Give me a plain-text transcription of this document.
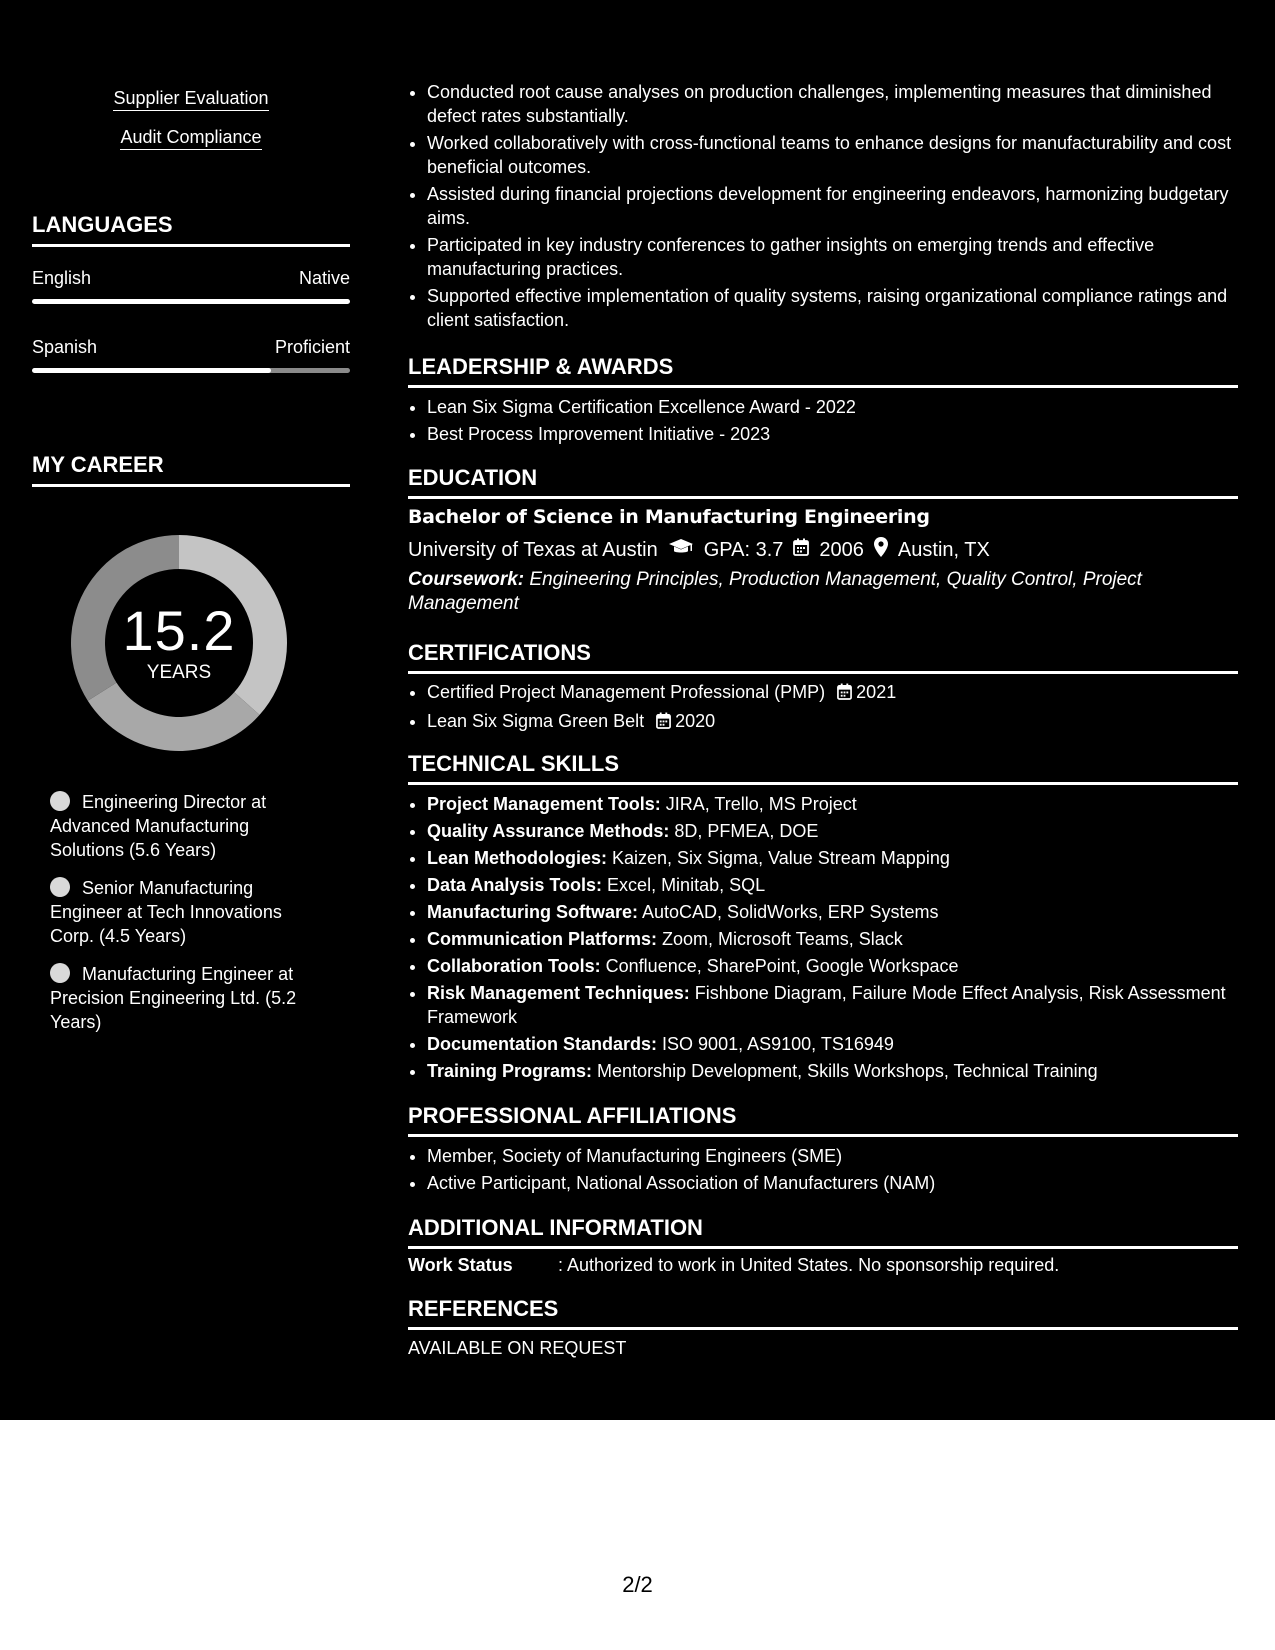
Supplier Evaluation
Audit Compliance
LANGUAGES
English	Native
Spanish	Proficient
MY CAREER
15.2
YEARS
Engineering Director at Advanced Manufacturing Solutions (5.6 Years)
Senior Manufacturing Engineer at Tech Innovations Corp. (4.5 Years)
Manufacturing Engineer at Precision Engineering Ltd. (5.2 Years)
• Conducted root cause analyses on production challenges, implementing measures that diminished defect rates substantially.
• Worked collaboratively with cross-functional teams to enhance designs for manufacturability and cost beneficial outcomes.
• Assisted during financial projections development for engineering endeavors, harmonizing budgetary aims.
• Participated in key industry conferences to gather insights on emerging trends and effective manufacturing practices.
• Supported effective implementation of quality systems, raising organizational compliance ratings and client satisfaction.
LEADERSHIP & AWARDS
• Lean Six Sigma Certification Excellence Award - 2022
• Best Process Improvement Initiative - 2023
EDUCATION
Bachelor of Science in Manufacturing Engineering
University of Texas at Austin GPA: 3.7 2006 Austin, TX
Coursework: Engineering Principles, Production Management, Quality Control, Project Management
CERTIFICATIONS
• Certified Project Management Professional (PMP) 2021
• Lean Six Sigma Green Belt 2020
TECHNICAL SKILLS
• Project Management Tools: JIRA, Trello, MS Project
• Quality Assurance Methods: 8D, PFMEA, DOE
• Lean Methodologies: Kaizen, Six Sigma, Value Stream Mapping
• Data Analysis Tools: Excel, Minitab, SQL
• Manufacturing Software: AutoCAD, SolidWorks, ERP Systems
• Communication Platforms: Zoom, Microsoft Teams, Slack
• Collaboration Tools: Confluence, SharePoint, Google Workspace
• Risk Management Techniques: Fishbone Diagram, Failure Mode Effect Analysis, Risk Assessment Framework
• Documentation Standards: ISO 9001, AS9100, TS16949
• Training Programs: Mentorship Development, Skills Workshops, Technical Training
PROFESSIONAL AFFILIATIONS
• Member, Society of Manufacturing Engineers (SME)
• Active Participant, National Association of Manufacturers (NAM)
ADDITIONAL INFORMATION
Work Status	: Authorized to work in United States. No sponsorship required.
REFERENCES
AVAILABLE ON REQUEST
2/2
